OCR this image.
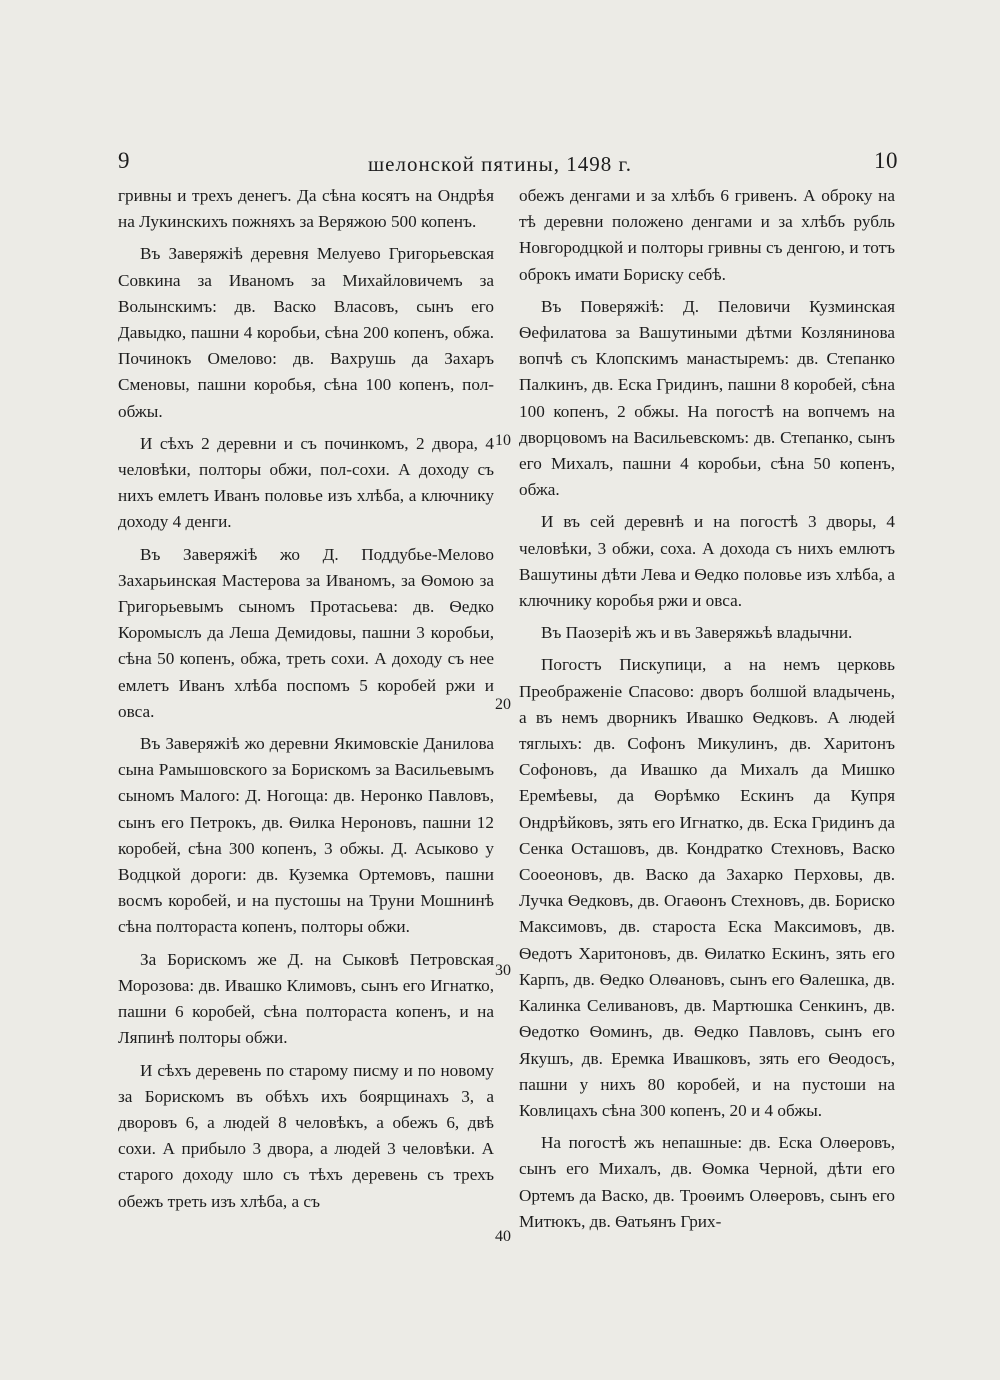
9	шелонской пятины, 1498 г.	10

гривны и трехъ денегъ. Да сѣна косятъ на Ондрѣя на Лукинскихъ пожняхъ за Веряжою 500 копенъ.

Въ Заверяжіѣ деревня Мелуево Григорьевская Совкина за Иваномъ за Михайловичемъ за Волынскимъ: дв. Васко Власовъ, сынъ его Давыдко, пашни 4 коробьи, сѣна 200 копенъ, обжа. Починокъ Омелово: дв. Вахрушь да Захаръ Сменовы, пашни коробья, сѣна 100 копенъ, пол-обжы.

И сѣхъ 2 деревни и съ починкомъ, 2 двора, 4 человѣки, полторы обжи, пол-сохи. А доходу съ нихъ емлетъ Иванъ половье изъ хлѣба, а ключнику доходу 4 денги.

Въ Заверяжіѣ жо Д. Поддубье-Мелово Захарьинская Мастерова за Иваномъ, за Ѳомою за Григорьевымъ сыномъ Протасьева: дв. Ѳедко Коромыслъ да Леша Демидовы, пашни 3 коробьи, сѣна 50 копенъ, обжа, треть сохи. А доходу съ нее емлетъ Иванъ хлѣба поспомъ 5 коробей ржи и овса.

Въ Заверяжіѣ жо деревни Якимовскіе Данилова сына Рамышовского за Борискомъ за Васильевымъ сыномъ Малого: Д. Ногоща: дв. Неронко Павловъ, сынъ его Петрокъ, дв. Ѳилка Нероновъ, пашни 12 коробей, сѣна 300 копенъ, 3 обжы. Д. Асыково у Водцкой дороги: дв. Куземка Ортемовъ, пашни восмъ коробей, и на пустошы на Труни Мошнинѣ сѣна полтораста копенъ, полторы обжи.

За Борискомъ же Д. на Сыковѣ Петровская Морозова: дв. Ивашко Климовъ, сынъ его Игнатко, пашни 6 коробей, сѣна полтораста копенъ, и на Ляпинѣ полторы обжи.

И сѣхъ деревень по старому писму и по новому за Борискомъ въ обѣхъ ихъ боярщинахъ 3, а дворовъ 6, а людей 8 человѣкъ, а обежъ 6, двѣ сохи. А прибыло 3 двора, а людей 3 человѣки. А старого доходу шло съ тѣхъ деревень съ трехъ обежъ треть изъ хлѣба, а съ

обежъ денгами и за хлѣбъ 6 гривенъ. А оброку на тѣ деревни положено денгами и за хлѣбъ рубль Новгородцкой и полторы гривны съ денгою, и тотъ оброкъ имати Бориску себѣ.

Въ Поверяжіѣ: Д. Пеловичи Кузминская Ѳефилатова за Вашутиными дѣтми Козлянинова вопчѣ съ Клопскимъ манастыремъ: дв. Степанко Палкинъ, дв. Еска Гридинъ, пашни 8 коробей, сѣна 100 копенъ, 2 обжы. На погостѣ на вопчемъ на дворцовомъ на Васильевскомъ: дв. Степанко, сынъ его Михалъ, пашни 4 коробьи, сѣна 50 копенъ, обжа.

И въ сей деревнѣ и на погостѣ 3 дворы, 4 человѣки, 3 обжи, соха. А дохода съ нихъ емлютъ Вашутины дѣти Лева и Ѳедко половье изъ хлѣба, а ключнику коробья ржи и овса.

Въ Паозеріѣ жъ и въ Заверяжьѣ владычни.

Погостъ Пискупици, а на немъ церковь Преображеніе Спасово: дворъ болшой владычень, а въ немъ дворникъ Ивашко Ѳедковъ. А людей тяглыхъ: дв. Софонъ Микулинъ, дв. Харитонъ Софоновъ, да Ивашко да Михалъ да Мишко Еремѣевы, да Ѳорѣмко Ескинъ да Купря Ондрѣйковъ, зять его Игнатко, дв. Еска Гридинъ да Сенка Осташовъ, дв. Кондратко Стехновъ, Васко Сооеоновъ, дв. Васко да Захарко Перховы, дв. Лучка Ѳедковъ, дв. Огаѳонъ Стехновъ, дв. Бориско Максимовъ, дв. староста Еска Максимовъ, дв. Ѳедотъ Харитоновъ, дв. Ѳилатко Ескинъ, зять его Карпъ, дв. Ѳедко Олѳановъ, сынъ его Ѳалешка, дв. Калинка Селивановъ, дв. Мартюшка Сенкинъ, дв. Ѳедотко Ѳоминъ, дв. Ѳедко Павловъ, сынъ его Якушъ, дв. Еремка Ивашковъ, зять его Ѳеодосъ, пашни у нихъ 80 коробей, и на пустоши на Ковлицахъ сѣна 300 копенъ, 20 и 4 обжы.

На погостѣ жъ непашные: дв. Еска Олѳеровъ, сынъ его Михалъ, дв. Ѳомка Черной, дѣти его Ортемъ да Васко, дв. Троѳимъ Олѳеровъ, сынъ его Митюкъ, дв. Ѳатьянъ Грих-

10
20
30
40
